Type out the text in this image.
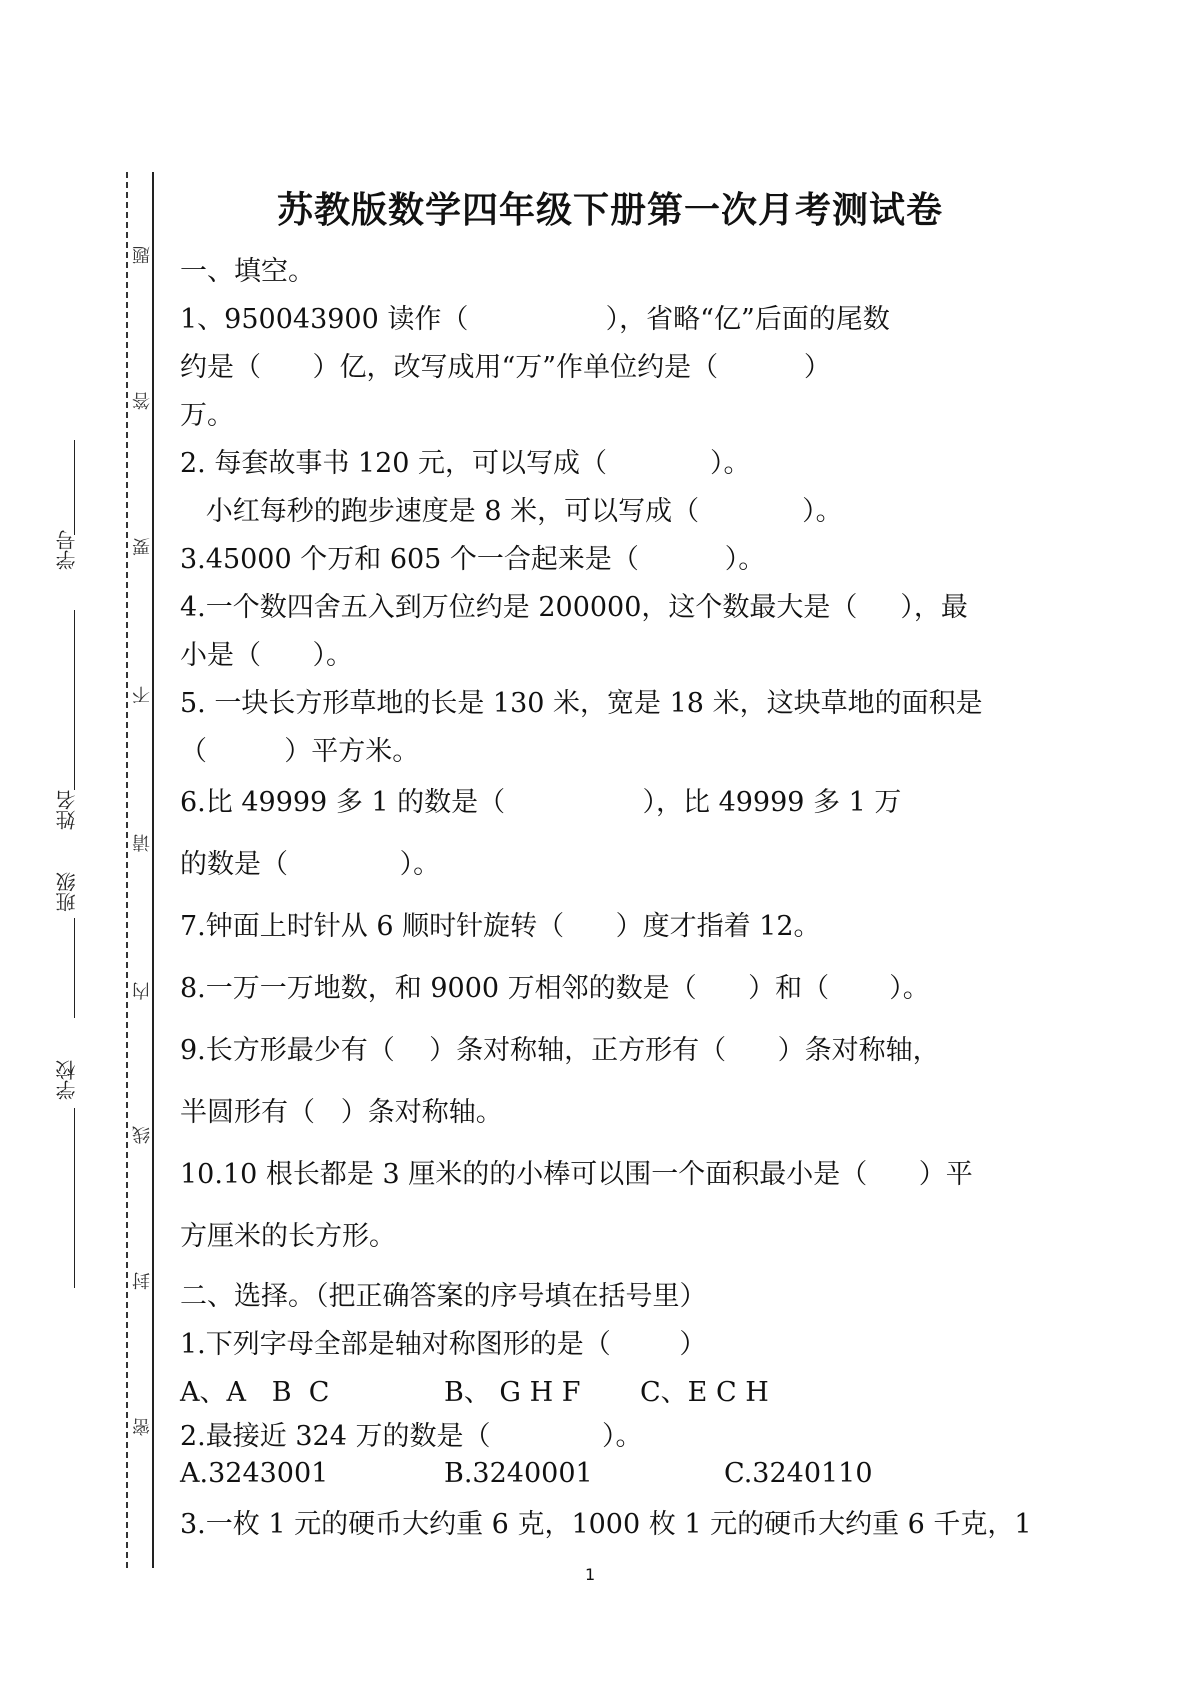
题
答
要
不
请
内
线
封
密
学号
姓名
班级
学校
苏教版数学四年级下册第一次月考测试卷
一、填空。
1、950043900 读作（                ），省略“亿”后面的尾数
约是（      ）亿，改写成用“万”作单位约是（          ）
万。
2. 每套故事书 120 元，可以写成（            ）。
小红每秒的跑步速度是 8 米，可以写成（            ）。
3.45000 个万和 605 个一合起来是（          ）。
4.一个数四舍五入到万位约是 200000，这个数最大是（     ），最
小是（      ）。
5. 一块长方形草地的长是 130 米，宽是 18 米，这块草地的面积是
（         ）平方米。
6.比 49999 多 1 的数是（                ），比 49999 多 1 万
的数是（             ）。
7.钟面上时针从 6 顺时针旋转（      ）度才指着 12。
8.一万一万地数，和 9000 万相邻的数是（      ）和（       ）。
9.长方形最少有（    ）条对称轴，正方形有（      ）条对称轴，
半圆形有（   ）条对称轴。
10.10 根长都是 3 厘米的的小棒可以围一个面积最小是（      ）平
方厘米的长方形。
二、选择。（把正确答案的序号填在括号里）
1.下列字母全部是轴对称图形的是（        ）
A、A   B  C	B、 G H F C、E C H
2.最接近 324 万的数是（             ）。
A.3243001	B.3240001	C.3240110
3.一枚 1 元的硬币大约重 6 克，1000 枚 1 元的硬币大约重 6 千克，1
1
